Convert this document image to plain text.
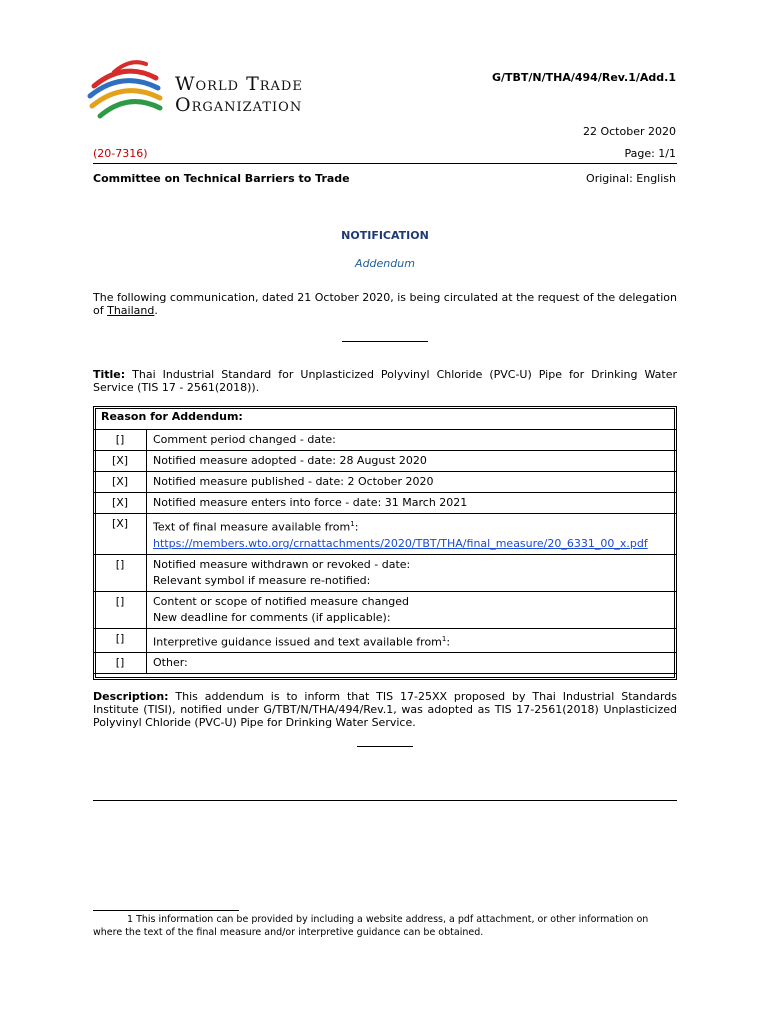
World Trade
Organization
G/TBT/N/THA/494/Rev.1/Add.1
22 October 2020
(20-7316)	Page: 1/1
Committee on Technical Barriers to Trade	Original: English
NOTIFICATION
Addendum
The following communication, dated 21 October 2020, is being circulated at the request of the delegation of Thailand.
Title: Thai Industrial Standard for Unplasticized Polyvinyl Chloride (PVC-U) Pipe for Drinking Water Service (TIS 17 - 2561(2018)).
Reason for Addendum:
[]	Comment period changed - date:
[X]	Notified measure adopted - date: 28 August 2020
[X]	Notified measure published - date: 2 October 2020
[X]	Notified measure enters into force - date: 31 March 2021
[X]	Text of final measure available from$^1$:
https://members.wto.org/crnattachments/2020/TBT/THA/final_measure/20_6331_00_x.pdf
[]	Notified measure withdrawn or revoked - date:
Relevant symbol if measure re-notified:

[]	Content or scope of notified measure changed
New deadline for comments (if applicable):

[]	Interpretive guidance issued and text available from$^1$:
[]	Other:
Description: This addendum is to inform that TIS 17-25XX proposed by Thai Industrial Standards Institute (TISI), notified under G/TBT/N/THA/494/Rev.1, was adopted as TIS 17-2561(2018) Unplasticized Polyvinyl Chloride (PVC-U) Pipe for Drinking Water Service.
1 This information can be provided by including a website address, a pdf attachment, or other information on where the text of the final measure and/or interpretive guidance can be obtained.
